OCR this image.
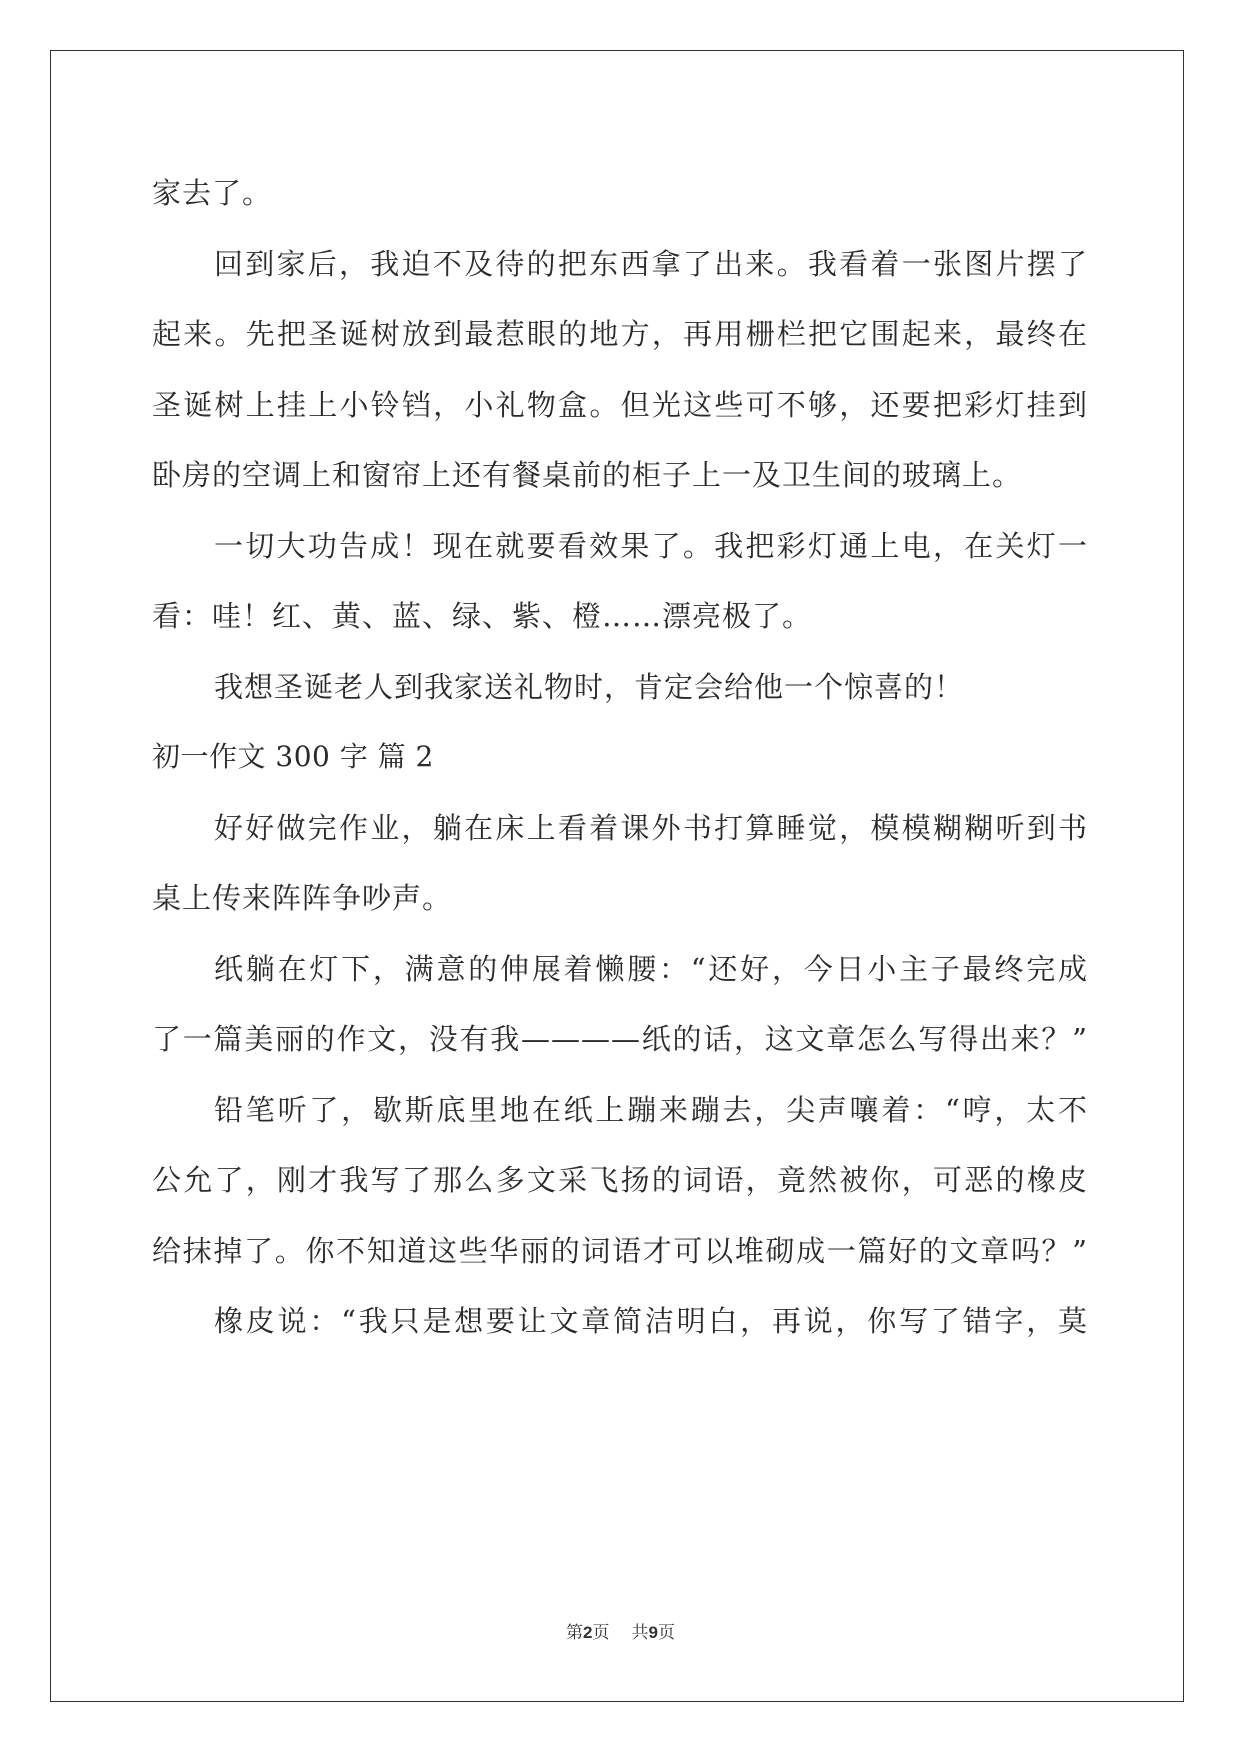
家去了。
回到家后，我迫不及待的把东西拿了出来。我看着一张图片摆了
起来。先把圣诞树放到最惹眼的地方，再用栅栏把它围起来，最终在
圣诞树上挂上小铃铛，小礼物盒。但光这些可不够，还要把彩灯挂到
卧房的空调上和窗帘上还有餐桌前的柜子上一及卫生间的玻璃上。
一切大功告成！现在就要看效果了。我把彩灯通上电，在关灯一
看：哇！红、黄、蓝、绿、紫、橙……漂亮极了。
我想圣诞老人到我家送礼物时，肯定会给他一个惊喜的！
初一作文 300 字 篇 2
好好做完作业，躺在床上看着课外书打算睡觉，模模糊糊听到书
桌上传来阵阵争吵声。
纸躺在灯下，满意的伸展着懒腰：“还好，今日小主子最终完成
了一篇美丽的作文，没有我————纸的话，这文章怎么写得出来？”
铅笔听了，歇斯底里地在纸上蹦来蹦去，尖声嚷着：“哼，太不
公允了，刚才我写了那么多文采飞扬的词语，竟然被你，可恶的橡皮
给抹掉了。你不知道这些华丽的词语才可以堆砌成一篇好的文章吗？”
橡皮说：“我只是想要让文章简洁明白，再说，你写了错字，莫
第2页 共9页
